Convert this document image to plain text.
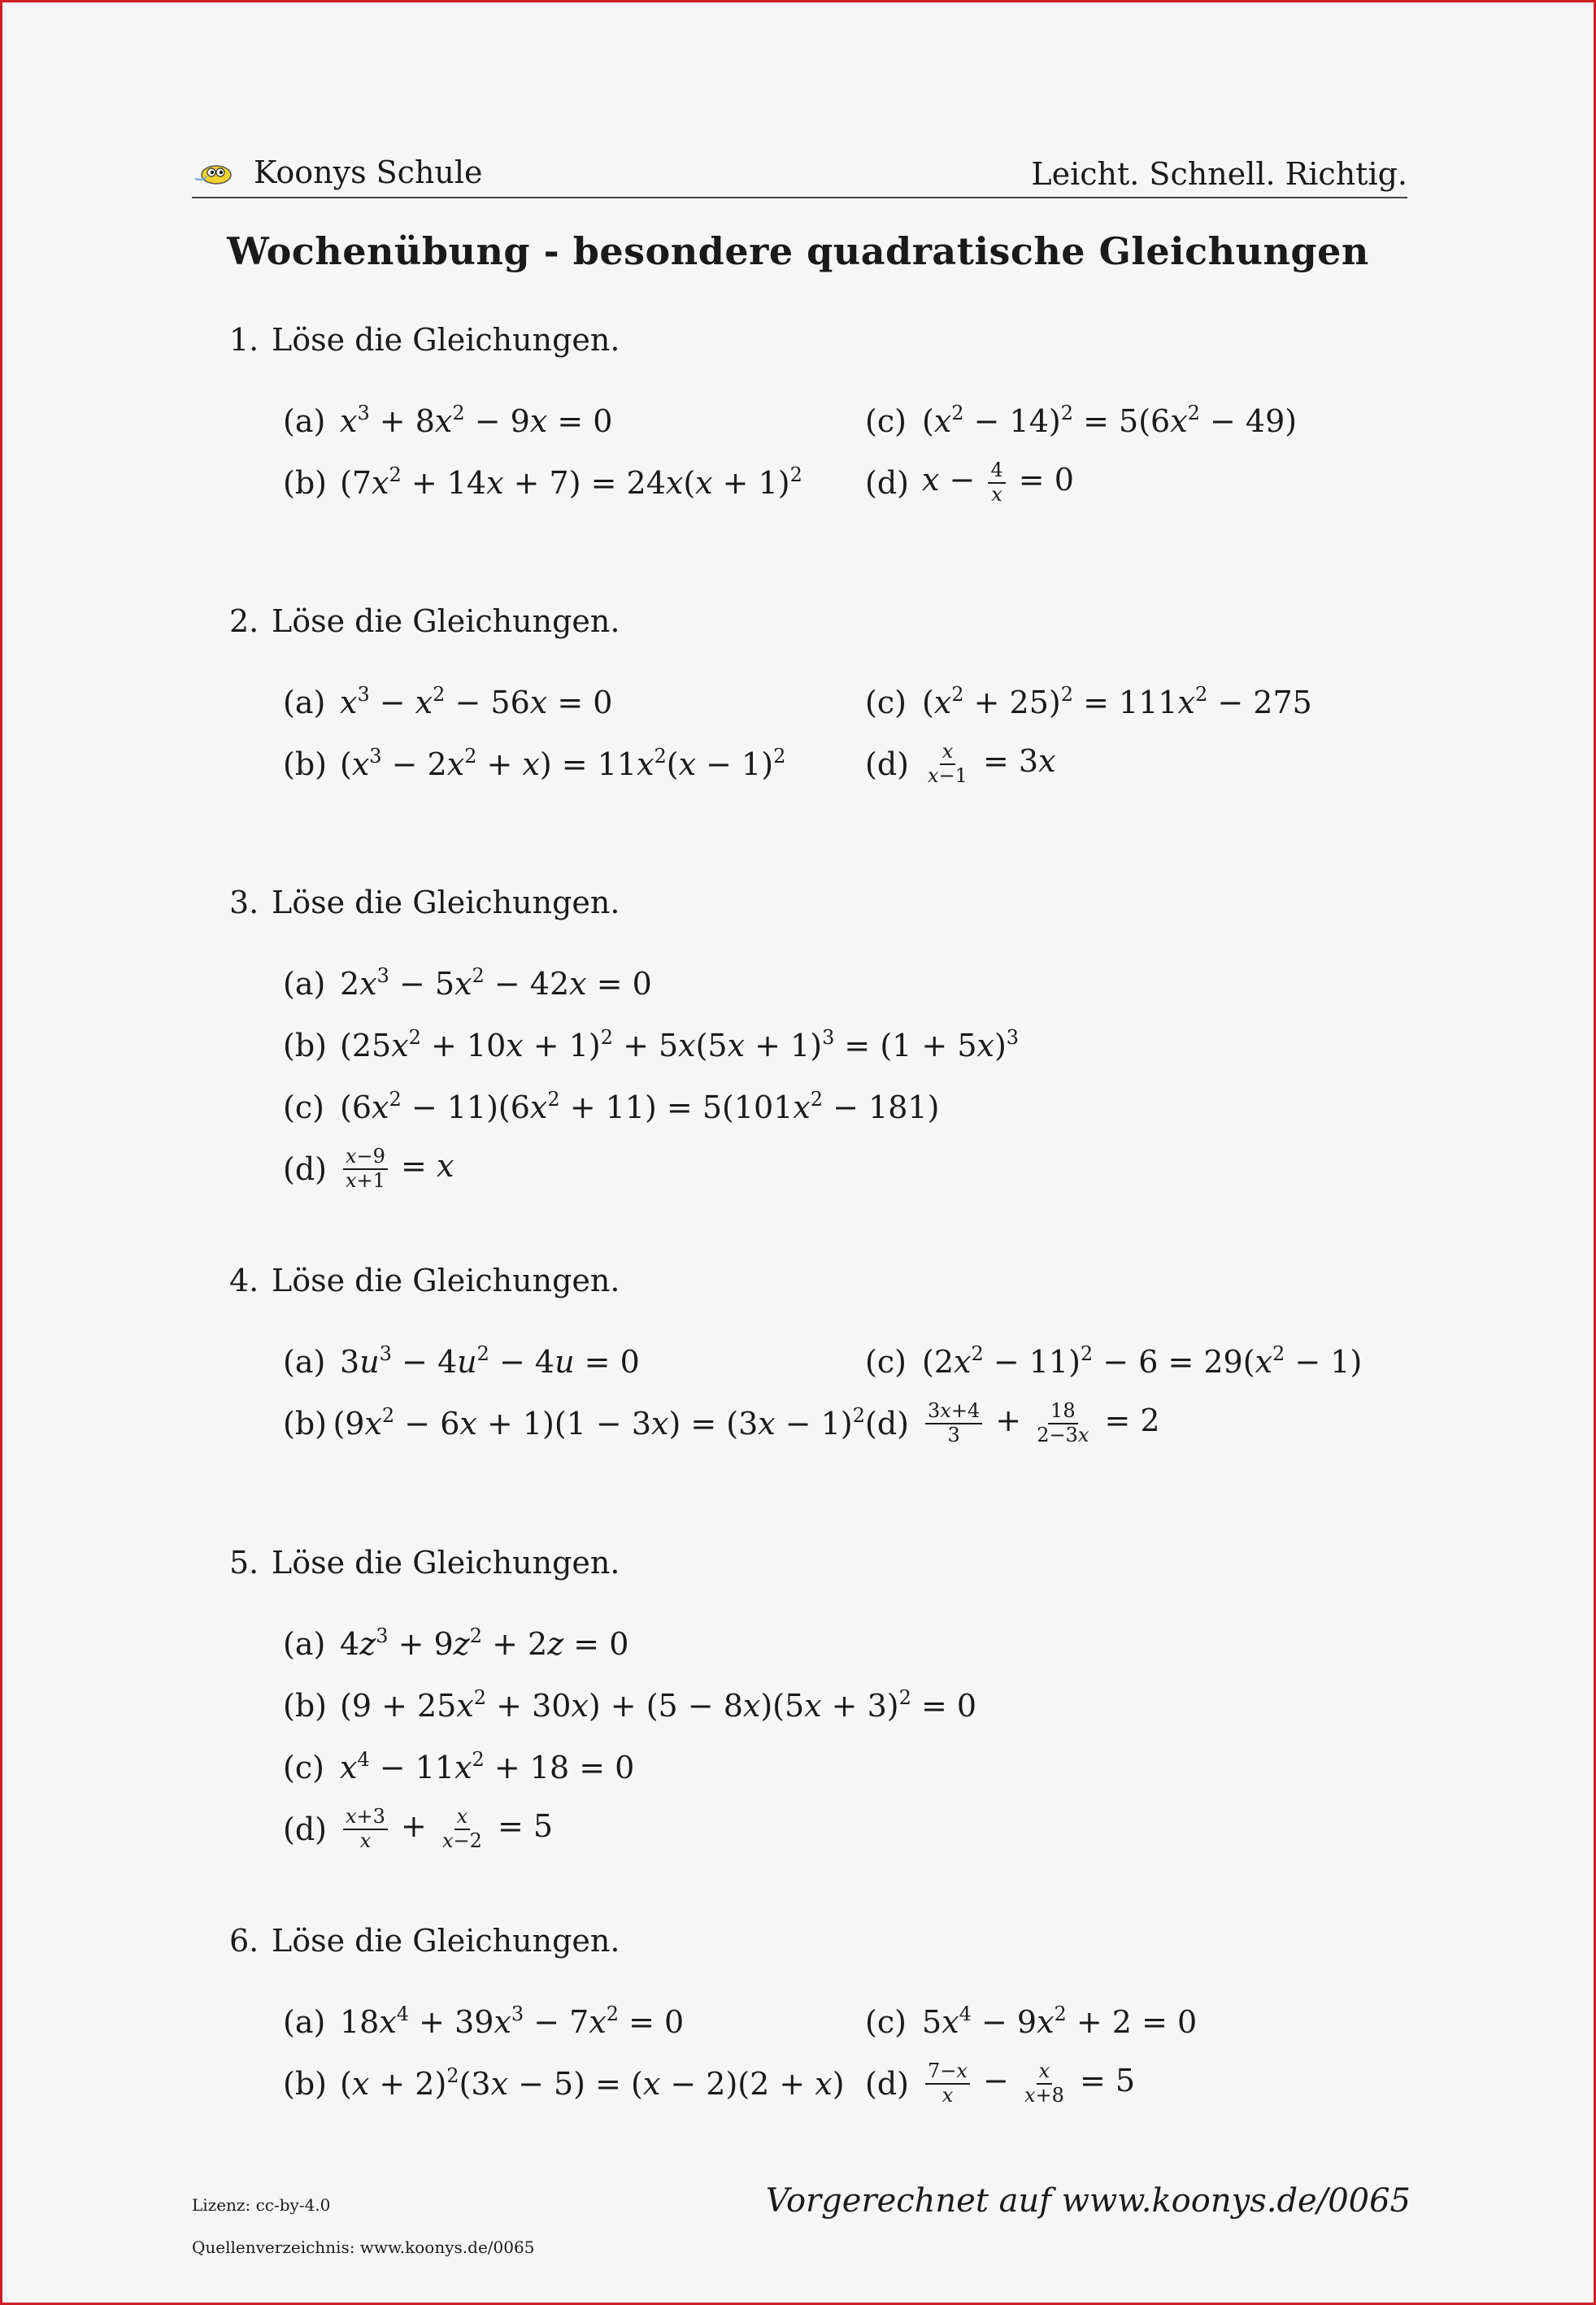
Koonys Schule	Leicht. Schnell. Richtig.
Wochenübung - besondere quadratische Gleichungen
1. Löse die Gleichungen.
(a) $x^3 + 8x^2 - 9x = 0$	(c) $(x^2 - 14)^2 = 5(6x^2 - 49)$
(b) $(7x^2 + 14x + 7) = 24x(x + 1)^2$ (d) $x - \frac{4}{x} = 0$
2. Löse die Gleichungen.
(a) $x^3 - x^2 - 56x = 0$	(c) $(x^2 + 25)^2 = 111x^2 - 275$
(b) $(x^3 - 2x^2 + x) = 11x^2(x - 1)^2$	$(d) \frac{x}{x-1} = 3x$
3. Löse die Gleichungen.
(a) $2x^3 - 5x^2 - 42x = 0$
(b) $(25x^2 + 10x + 1)^2 + 5x(5x + 1)^3 = (1 + 5x)^3$
(c) $(6x^2 - 11)(6x^2 + 11) = 5(101x^2 - 181)$
$(d) \frac{x-9}{x+1} = x$
4. Löse die Gleichungen.
(a) $3u^3 - 4u^2 - 4u = 0$	(c) $(2x^2 - 11)^2 - 6 = 29(x^2 - 1)$
(b) $(9x^2 - 6x + 1)(1 - 3x) = (3x - 1)^2$ $(d) \frac{3x+4}{3} + \frac{18}{2-3x} = 2$
5. Löse die Gleichungen.
(a) $4z^3 + 9z^2 + 2z = 0$
(b) $(9 + 25x^2 + 30x) + (5 - 8x)(5x + 3)^2 = 0$
(c) $x^4 - 11x^2 + 18 = 0$
$(d) \frac{x+3}{x} + \frac{x}{x-2} = 5$
6. Löse die Gleichungen.
(a) $18x^4 + 39x^3 - 7x^2 = 0$	(c) $5x^4 - 9x^2 + 2 = 0$
(b) $(x + 2)^2(3x - 5) = (x - 2)(2 + x)$ $(d) \frac{7-x}{x} - \frac{x}{x+8} = 5$
Lizenz: cc-by-4.0
Quellenverzeichnis: www.koonys.de/0065
Vorgerechnet auf www.koonys.de/0065
